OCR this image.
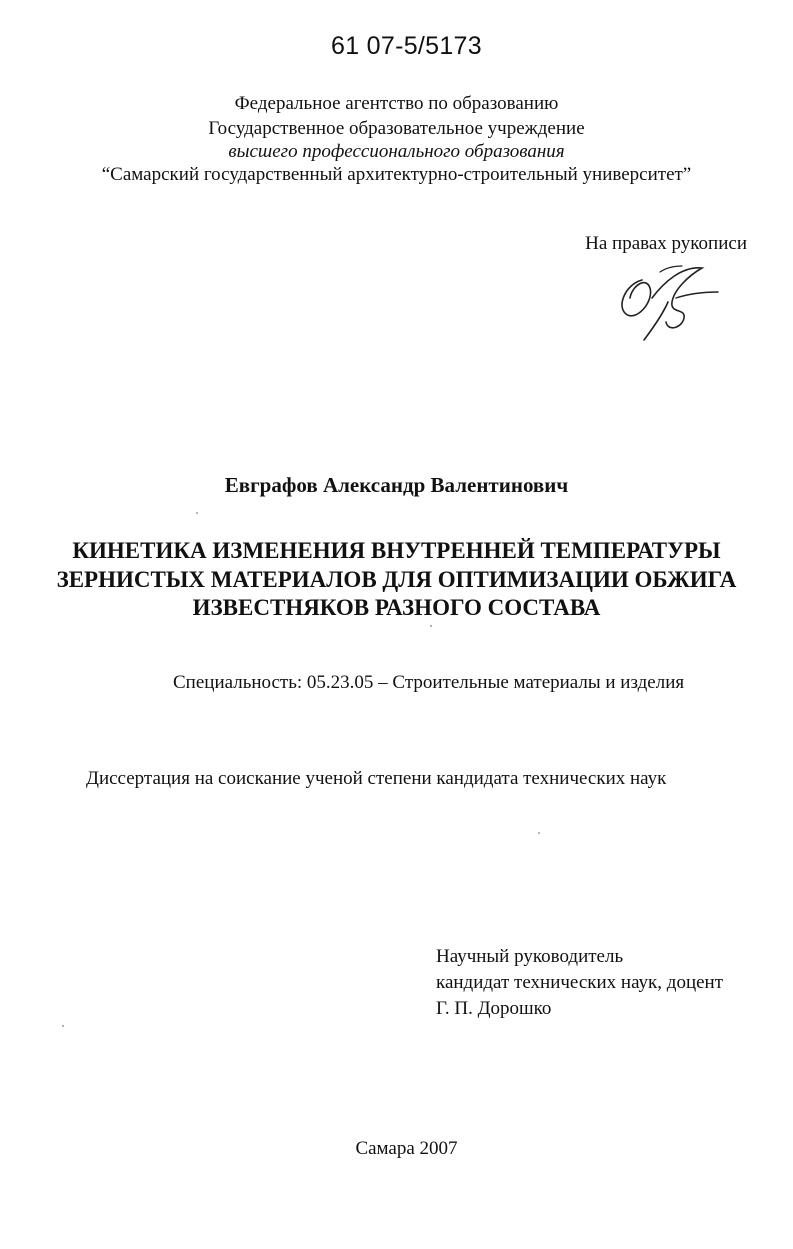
61 07-5/5173
Федеральное агентство по образованию
Государственное образовательное учреждение
высшего профессионального образования
“Самарский государственный архитектурно-строительный университет”
На правах рукописи
Евграфов Александр Валентинович
КИНЕТИКА ИЗМЕНЕНИЯ ВНУТРЕННЕЙ ТЕМПЕРАТУРЫ
ЗЕРНИСТЫХ МАТЕРИАЛОВ ДЛЯ ОПТИМИЗАЦИИ ОБЖИГА
ИЗВЕСТНЯКОВ РАЗНОГО СОСТАВА
Специальность: 05.23.05 – Строительные материалы и изделия
Диссертация на соискание ученой степени кандидата технических наук
Научный руководитель
кандидат технических наук, доцент
Г. П. Дорошко
Самара 2007
